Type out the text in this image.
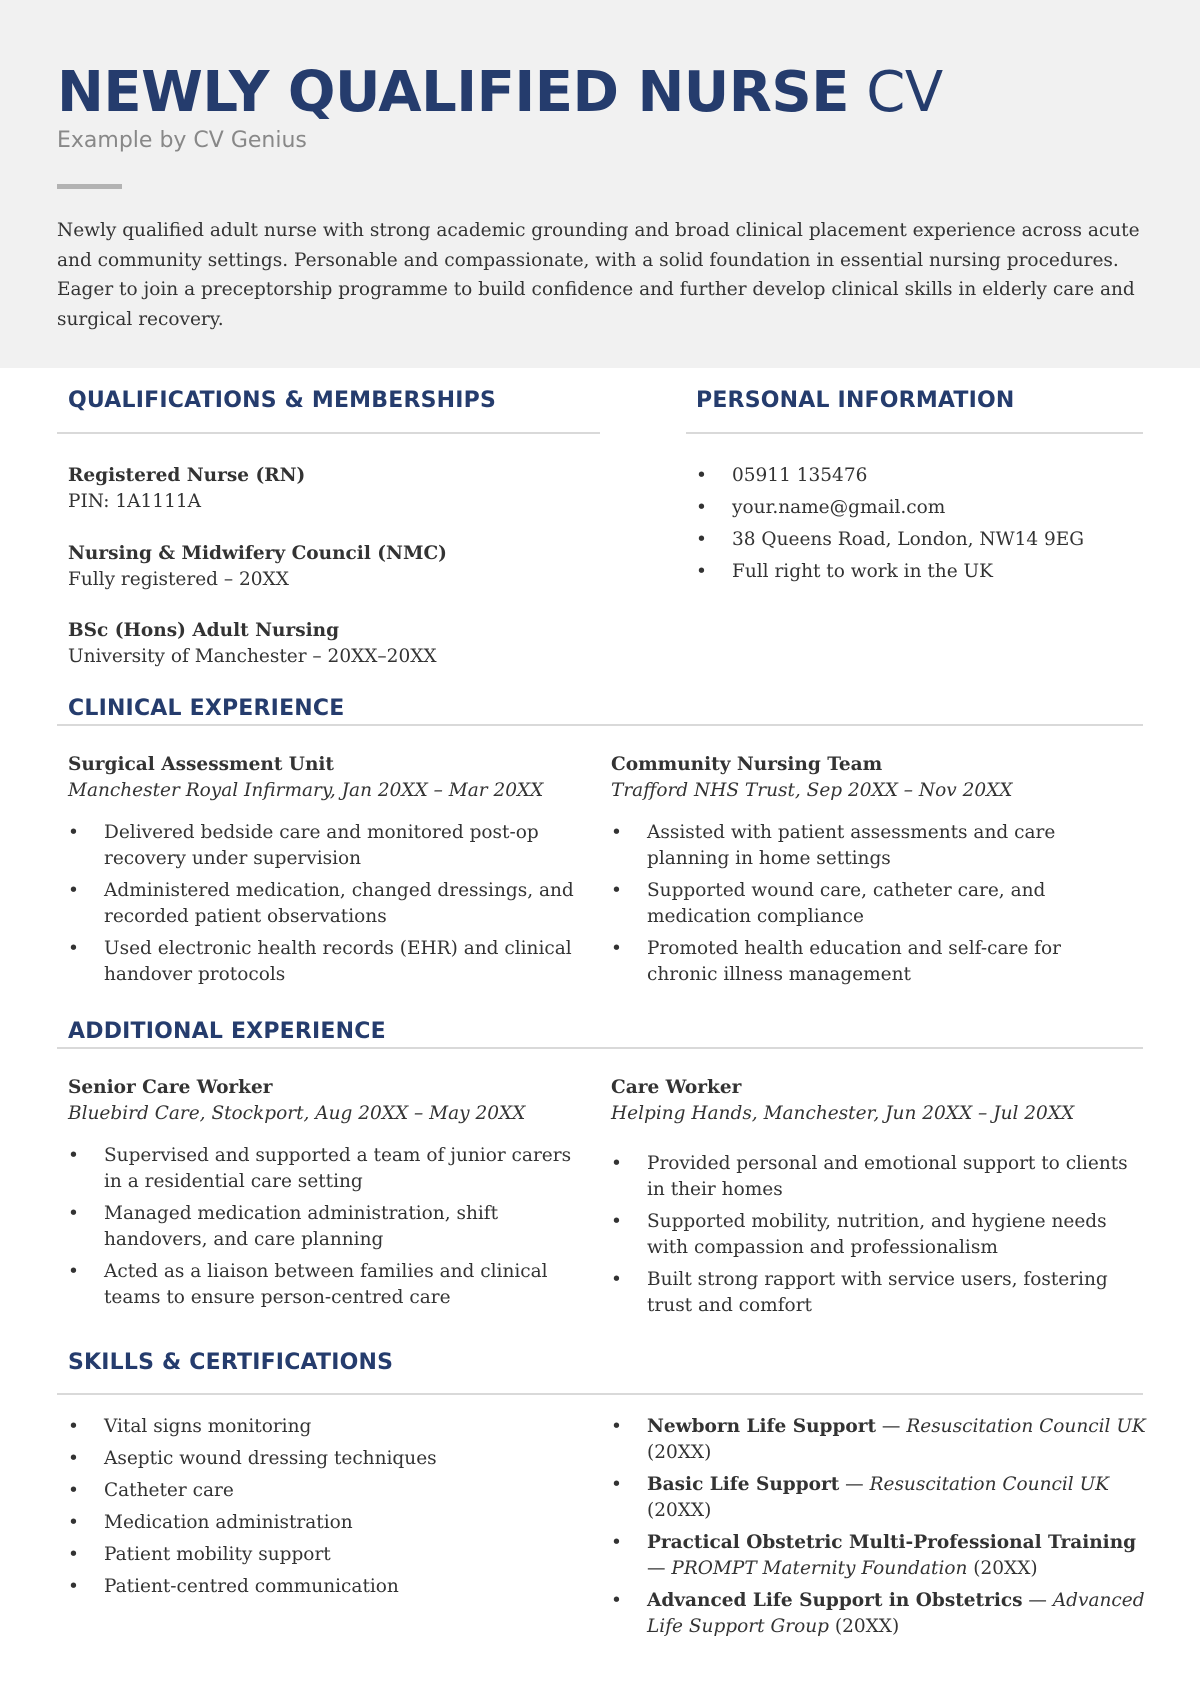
NEWLY QUALIFIED NURSE CV
Example by CV Genius
Newly qualified adult nurse with strong academic grounding and broad clinical placement experience across acute and community settings. Personable and compassionate, with a solid foundation in essential nursing procedures. Eager to join a preceptorship programme to build confidence and further develop clinical skills in elderly care and surgical recovery.
QUALIFICATIONS & MEMBERSHIPS
Registered Nurse (RN)
PIN: 1A1111A
Nursing & Midwifery Council (NMC)
Fully registered – 20XX
BSc (Hons) Adult Nursing
University of Manchester – 20XX–20XX
PERSONAL INFORMATION
• 05911 135476
• your.name@gmail.com
• 38 Queens Road, London, NW14 9EG
• Full right to work in the UK
CLINICAL EXPERIENCE
Surgical Assessment Unit
Manchester Royal Infirmary, Jan 20XX – Mar 20XX
• Delivered bedside care and monitored post-op recovery under supervision
• Administered medication, changed dressings, and recorded patient observations
• Used electronic health records (EHR) and clinical handover protocols
Community Nursing Team
Trafford NHS Trust, Sep 20XX – Nov 20XX
• Assisted with patient assessments and care planning in home settings
• Supported wound care, catheter care, and medication compliance
• Promoted health education and self-care for chronic illness management
ADDITIONAL EXPERIENCE
Senior Care Worker
Bluebird Care, Stockport, Aug 20XX – May 20XX
• Supervised and supported a team of junior carers in a residential care setting
• Managed medication administration, shift handovers, and care planning
• Acted as a liaison between families and clinical teams to ensure person-centred care
Care Worker
Helping Hands, Manchester, Jun 20XX – Jul 20XX
• Provided personal and emotional support to clients in their homes
• Supported mobility, nutrition, and hygiene needs with compassion and professionalism
• Built strong rapport with service users, fostering trust and comfort
SKILLS & CERTIFICATIONS
• Vital signs monitoring
• Aseptic wound dressing techniques
• Catheter care
• Medication administration
• Patient mobility support
• Patient-centred communication
• Newborn Life Support — Resuscitation Council UK (20XX)
• Basic Life Support — Resuscitation Council UK (20XX)
• Practical Obstetric Multi-Professional Training — PROMPT Maternity Foundation (20XX)
• Advanced Life Support in Obstetrics — Advanced Life Support Group (20XX)
